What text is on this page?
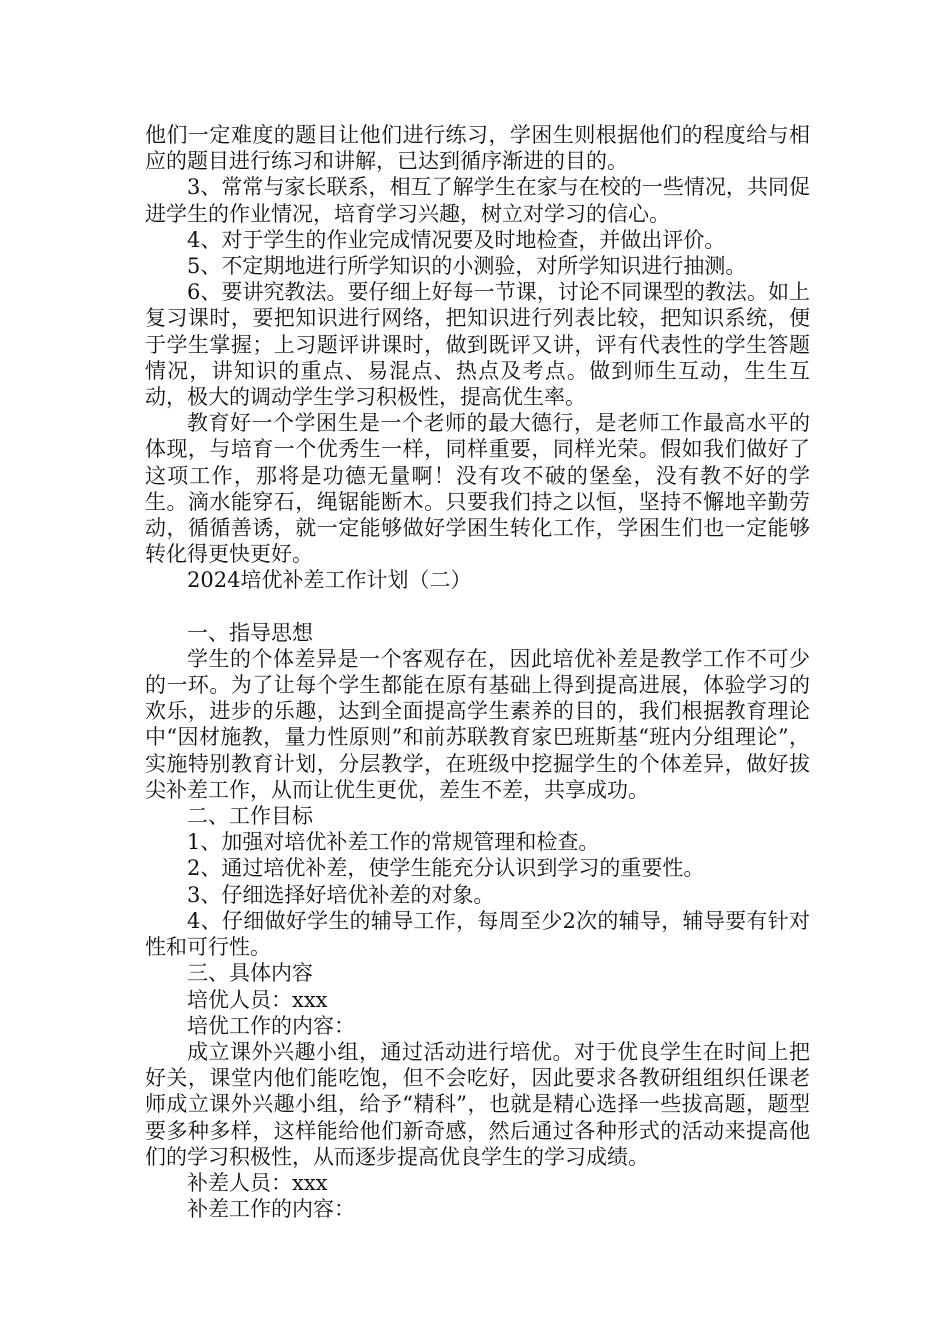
他们一定难度的题目让他们进行练习，学困生则根据他们的程度给与相应的题目进行练习和讲解，已达到循序渐进的目的。

3、常常与家长联系，相互了解学生在家与在校的一些情况，共同促进学生的作业情况，培育学习兴趣，树立对学习的信心。

4、对于学生的作业完成情况要及时地检查，并做出评价。

5、不定期地进行所学知识的小测验，对所学知识进行抽测。

6、要讲究教法。要仔细上好每一节课，讨论不同课型的教法。如上复习课时，要把知识进行网络，把知识进行列表比较，把知识系统，便于学生掌握；上习题评讲课时，做到既评又讲，评有代表性的学生答题情况，讲知识的重点、易混点、热点及考点。做到师生互动，生生互动，极大的调动学生学习积极性，提高优生率。

教育好一个学困生是一个老师的最大德行，是老师工作最高水平的体现，与培育一个优秀生一样，同样重要，同样光荣。假如我们做好了这项工作，那将是功德无量啊！没有攻不破的堡垒，没有教不好的学生。滴水能穿石，绳锯能断木。只要我们持之以恒，坚持不懈地辛勤劳动，循循善诱，就一定能够做好学困生转化工作，学困生们也一定能够转化得更快更好。

2024培优补差工作计划（二）

一、指导思想

学生的个体差异是一个客观存在，因此培优补差是教学工作不可少的一环。为了让每个学生都能在原有基础上得到提高进展，体验学习的欢乐，进步的乐趣，达到全面提高学生素养的目的，我们根据教育理论中“因材施教，量力性原则”和前苏联教育家巴班斯基“班内分组理论”，实施特别教育计划，分层教学，在班级中挖掘学生的个体差异，做好拔尖补差工作，从而让优生更优，差生不差，共享成功。

二、工作目标

1、加强对培优补差工作的常规管理和检查。

2、通过培优补差，使学生能充分认识到学习的重要性。

3、仔细选择好培优补差的对象。

4、仔细做好学生的辅导工作，每周至少2次的辅导，辅导要有针对性和可行性。

三、具体内容

培优人员：xxx

培优工作的内容：

成立课外兴趣小组，通过活动进行培优。对于优良学生在时间上把好关，课堂内他们能吃饱，但不会吃好，因此要求各教研组组织任课老师成立课外兴趣小组，给予“精科”，也就是精心选择一些拔高题，题型要多种多样，这样能给他们新奇感，然后通过各种形式的活动来提高他们的学习积极性，从而逐步提高优良学生的学习成绩。

补差人员：xxx

补差工作的内容：
